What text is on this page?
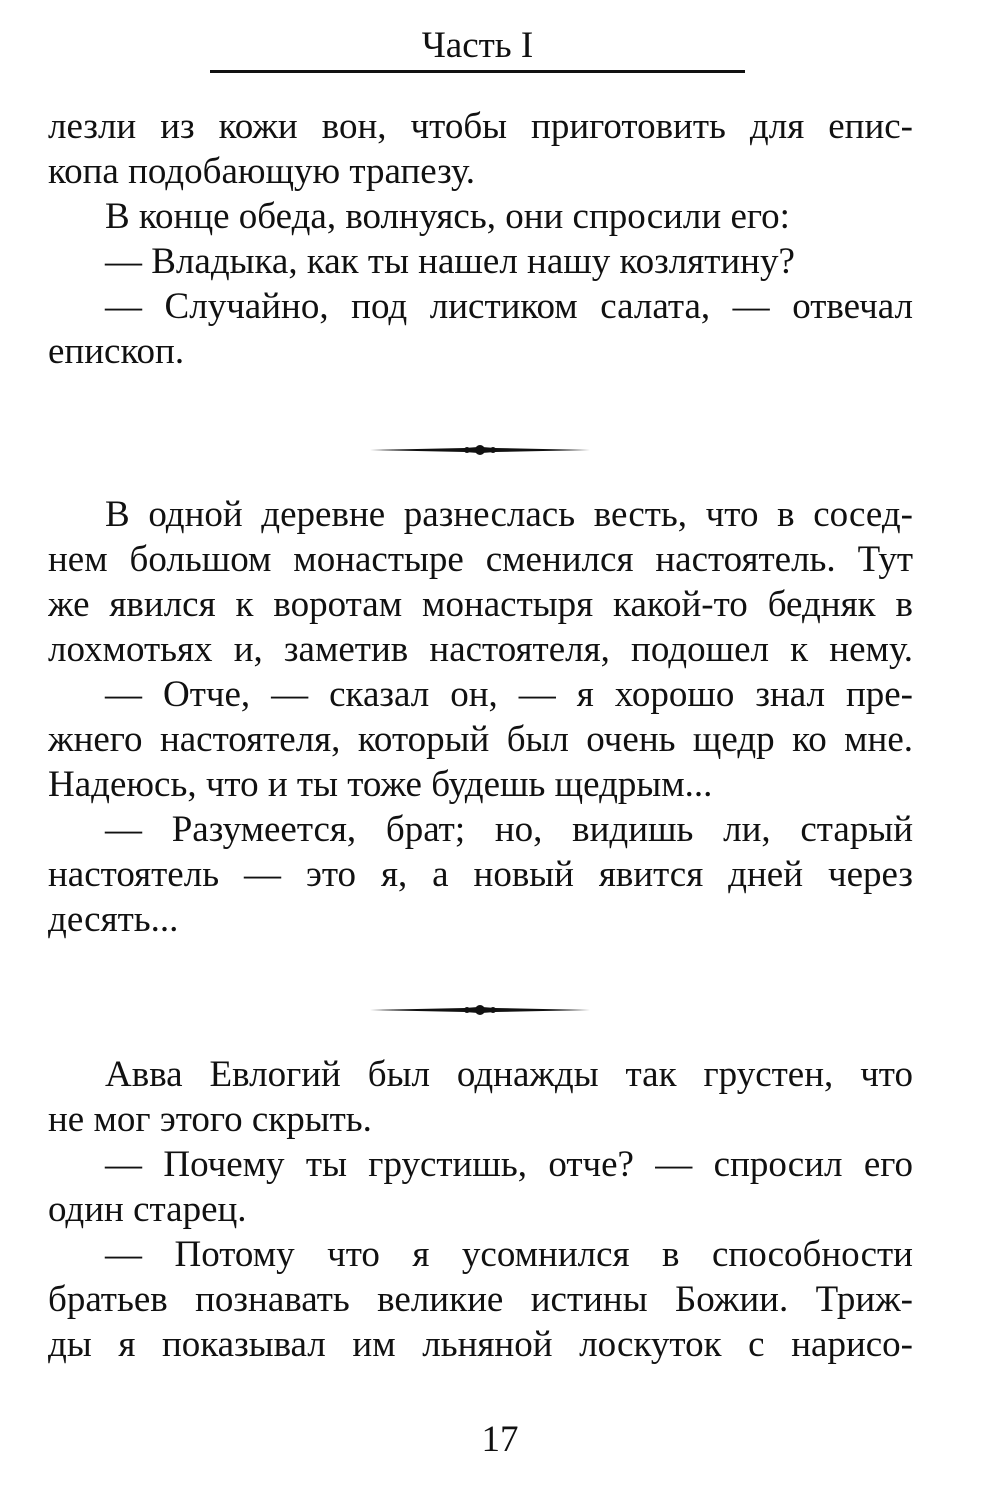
Часть I
лезли из кожи вон, чтобы приготовить для епис-
копа подобающую трапезу.
В конце обеда, волнуясь, они спросили его:
— Владыка, как ты нашел нашу козлятину?
— Случайно, под листиком салата, — отвечал
епископ.
В одной деревне разнеслась весть, что в сосед-
нем большом монастыре сменился настоятель. Тут
же явился к воротам монастыря какой-то бедняк в
лохмотьях и, заметив настоятеля, подошел к нему.
— Отче, — сказал он, — я хорошо знал пре-
жнего настоятеля, который был очень щедр ко мне.
Надеюсь, что и ты тоже будешь щедрым...
— Разумеется, брат; но, видишь ли, старый
настоятель — это я, а новый явится дней через
десять...
Авва Евлогий был однажды так грустен, что
не мог этого скрыть.
— Почему ты грустишь, отче? — спросил его
один старец.
— Потому что я усомнился в способности
братьев познавать великие истины Божии. Триж-
ды я показывал им льняной лоскуток с нарисо-
17
